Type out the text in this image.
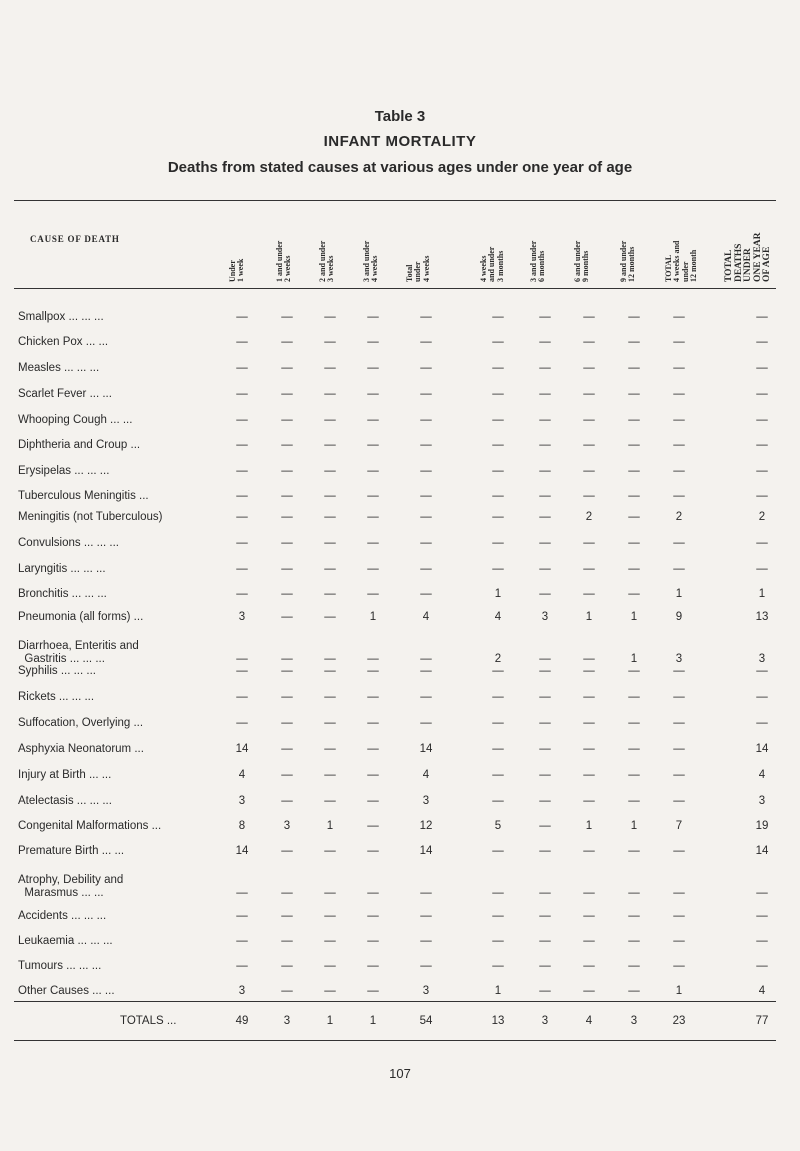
Table 3
INFANT MORTALITY
Deaths from stated causes at various ages under one year of age
CAUSE OF DEATH
Under
1 week
1 and under
2 weeks
2 and under
3 weeks
3 and under
4 weeks	Total
under
4 weeks
4 weeks
and under
3 months
3 and under
6 months
6 and under
9 months
9 and under
12 months	TOTAL
4 weeks and
under
12 month	TOTAL
DEATHS
UNDER
ONE YEAR
OF AGE
Smallpox ... ... ...	—	—	—	—	—	—	—	—	—	—	—
Chicken Pox ... ...	—	—	—	—	—	—	—	—	—	—	—
Measles ... ... ...	—	—	—	—	—	—	—	—	—	—	—
Scarlet Fever ... ...	—	—	—	—	—	—	—	—	—	—	—
Whooping Cough ... ...	—	—	—	—	—	—	—	—	—	—	—
Diphtheria and Croup ...	—	—	—	—	—	—	—	—	—	—	—
Erysipelas ... ... ...	—	—	—	—	—	—	—	—	—	—	—
Tuberculous Meningitis ...	—	—	—	—	—	—	—	—	—	—	—
Meningitis (not Tuberculous)	—	—	—	—	—	—	—	2	—	2	2
Convulsions ... ... ...	—	—	—	—	—	—	—	—	—	—	—
Laryngitis ... ... ...	—	—	—	—	—	—	—	—	—	—	—
Bronchitis ... ... ...	—	—	—	—	—	1	—	—	—	1	1
Pneumonia (all forms) ...	3	—	—	1	4	4	3	1	1	9	13
Diarrhoea, Enteritis and
Gastritis ... ... ...	—	—	—	—	—	2	—	—	1	3	3
Syphilis ... ... ...	—	—	—	—	—	—	—	—	—	—	—
Rickets ... ... ...	—	—	—	—	—	—	—	—	—	—	—
Suffocation, Overlying ...	—	—	—	—	—	—	—	—	—	—	—
Asphyxia Neonatorum ...	14	—	—	—	14	—	—	—	—	—	14
Injury at Birth ... ...	4	—	—	—	4	—	—	—	—	—	4
Atelectasis ... ... ...	3	—	—	—	3	—	—	—	—	—	3
Congenital Malformations ...	8	3	1	—	12	5	—	1	1	7	19
Premature Birth ... ...	14	—	—	—	14	—	—	—	—	—	14
Atrophy, Debility and
Marasmus ... ...	—	—	—	—	—	—	—	—	—	—	—
Accidents ... ... ...	—	—	—	—	—	—	—	—	—	—	—
Leukaemia ... ... ...	—	—	—	—	—	—	—	—	—	—	—
Tumours ... ... ...	—	—	—	—	—	—	—	—	—	—	—
Other Causes ... ...	3	—	—	—	3	1	—	—	—	1	4
TOTALS ...	49	3	1	1	54	13	3	4	3	23	77
107
